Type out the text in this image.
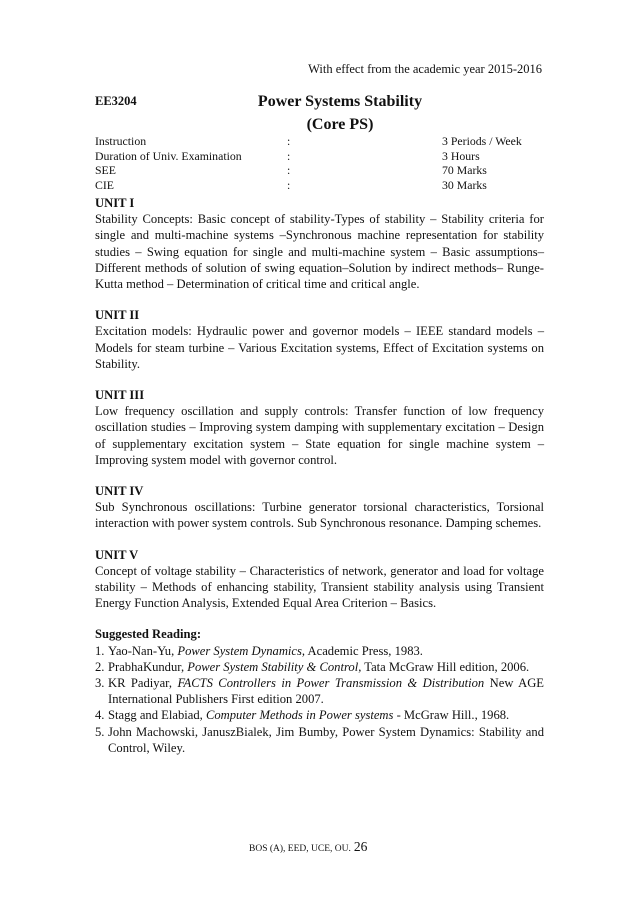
With effect from the academic year 2015-2016
EE3204	Power Systems Stability
(Core PS)
Instruction	:	3 Periods / Week
Duration of Univ. Examination	:	3 Hours
SEE	:	70 Marks
CIE	:	30 Marks

UNIT I

Stability Concepts: Basic concept of stability-Types of stability – Stability criteria for single and multi-machine systems –Synchronous machine representation for stability studies – Swing equation for single and multi-machine system – Basic assumptions– Different methods of solution of swing equation–Solution by indirect methods– Runge-Kutta method – Determination of critical time and critical angle.

UNIT II

Excitation models: Hydraulic power and governor models – IEEE standard models – Models for steam turbine – Various Excitation systems, Effect of Excitation systems on Stability.

UNIT III

Low frequency oscillation and supply controls: Transfer function of low frequency oscillation studies – Improving system damping with supplementary excitation – Design of supplementary excitation system – State equation for single machine system – Improving system model with governor control.

UNIT IV

Sub Synchronous oscillations: Turbine generator torsional characteristics, Torsional interaction with power system controls. Sub Synchronous resonance. Damping schemes.

UNIT V

Concept of voltage stability – Characteristics of network, generator and load for voltage stability – Methods of enhancing stability, Transient stability analysis using Transient Energy Function Analysis, Extended Equal Area Criterion – Basics.

Suggested Reading:

1. Yao-Nan-Yu, Power System Dynamics, Academic Press, 1983.
2. PrabhaKundur, Power System Stability & Control, Tata McGraw Hill edition, 2006.
3. KR Padiyar, FACTS Controllers in Power Transmission & Distribution New AGE International Publishers First edition 2007.
4. Stagg and Elabiad, Computer Methods in Power systems - McGraw Hill., 1968.
5. John Machowski, JanuszBialek, Jim Bumby, Power System Dynamics: Stability and Control, Wiley.
BOS (A), EED, UCE, OU. 26
